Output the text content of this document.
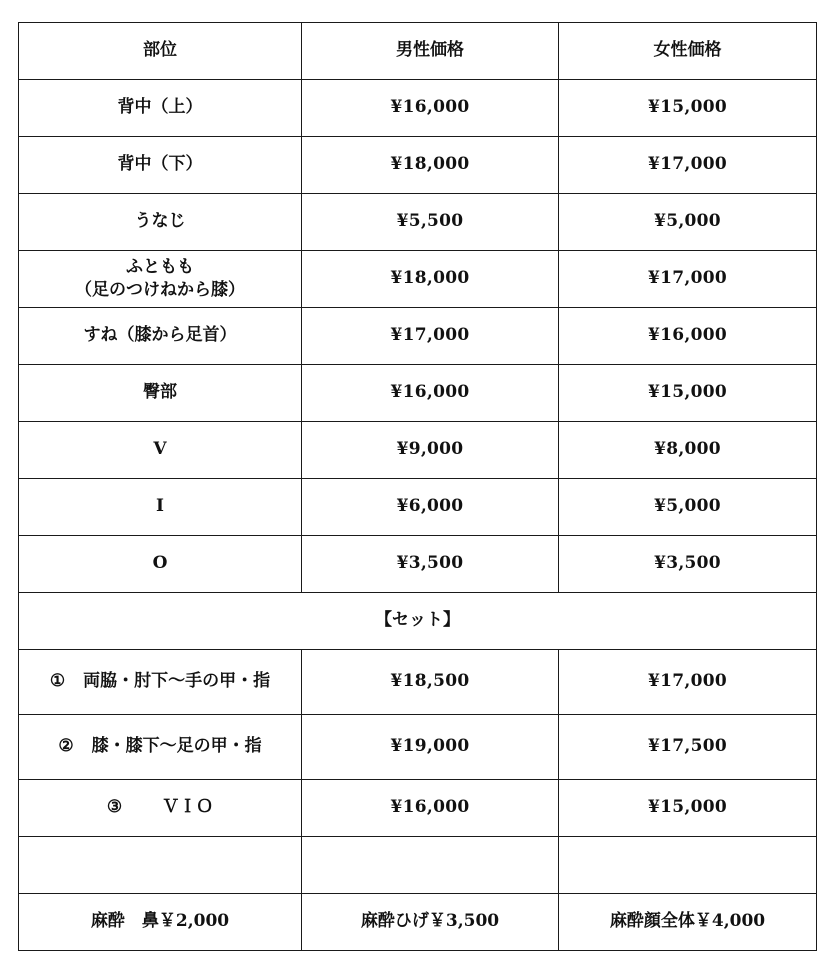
部位	男性価格	女性価格
背中（上）	¥16,000	¥15,000
背中（下）	¥18,000	¥17,000
うなじ	¥5,500	¥5,000

ふともも
（足のつけねから膝）	¥18,000	¥17,000
すね（膝から足首）	¥17,000	¥16,000
臀部	¥16,000	¥15,000
V	¥9,000	¥8,000
I	¥6,000	¥5,000
O	¥3,500	¥3,500
【セット】		
① 両脇・肘下～手の甲・指	¥18,500	¥17,000
② 膝・膝下～足の甲・指	¥19,000	¥17,500
③ ＶＩＯ	¥16,000	¥15,000

麻酔　鼻￥2,000	麻酔ひげ￥3,500	麻酔顔全体￥4,000
